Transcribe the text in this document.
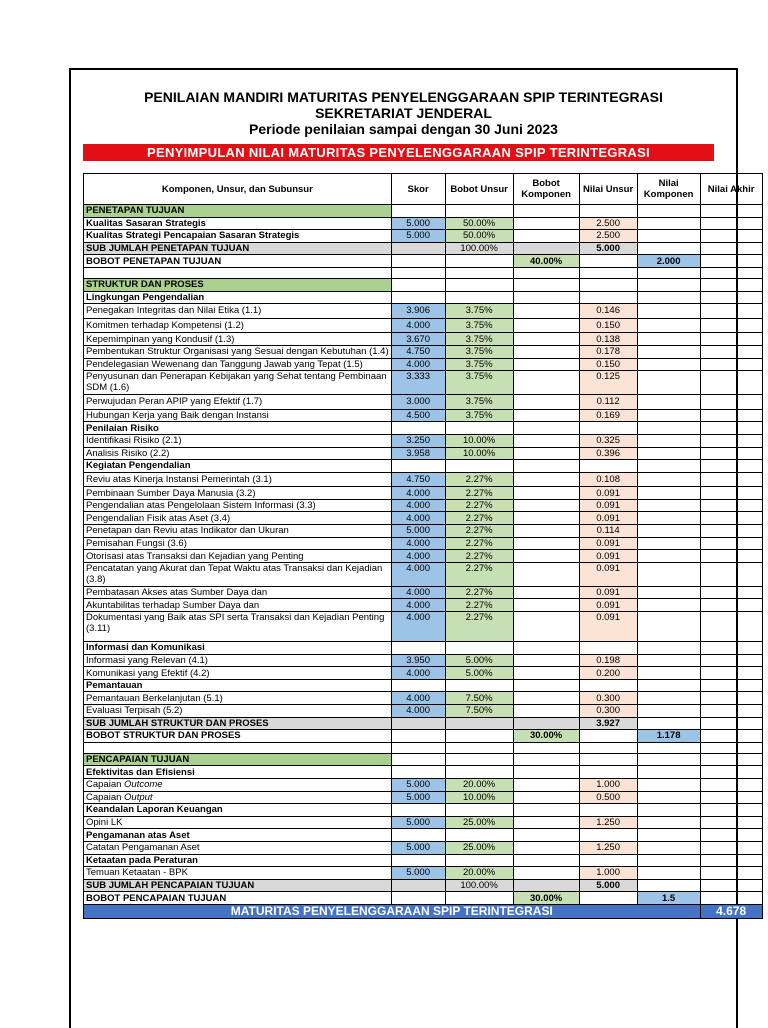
PENILAIAN MANDIRI MATURITAS PENYELENGGARAAN SPIP TERINTEGRASI
SEKRETARIAT JENDERAL
Periode penilaian sampai dengan 30 Juni 2023
PENYIMPULAN NILAI MATURITAS PENYELENGGARAAN SPIP TERINTEGRASI
Komponen, Unsur, dan Subunsur	Skor	Bobot Unsur	Bobot Komponen	Nilai Unsur	Nilai Komponen	Nilai Akhir
PENETAPAN TUJUAN						
Kualitas Sasaran Strategis	5.000	50.00%		2.500		
Kualitas Strategi Pencapaian Sasaran Strategis	5.000	50.00%		2.500		
SUB JUMLAH PENETAPAN TUJUAN		100.00%		5.000		
BOBOT PENETAPAN TUJUAN			40.00%		2.000	

STRUKTUR DAN PROSES						
Lingkungan Pengendalian						
Penegakan Integritas dan Nilai Etika (1.1)	3.906	3.75%		0.146		
Komitmen terhadap Kompetensi (1.2)	4.000	3.75%		0.150		
Kepemimpinan yang Kondusif (1.3)	3.670	3.75%		0.138		
Pembentukan Struktur Organisasi yang Sesuai dengan Kebutuhan (1.4)	4.750	3.75%		0.178		
Pendelegasian Wewenang dan Tanggung Jawab yang Tepat (1.5)	4.000	3.75%		0.150		
Penyusunan dan Penerapan Kebijakan yang Sehat tentang Pembinaan SDM (1.6)	3.333	3.75%		0.125		
Perwujudan Peran APIP yang Efektif (1.7)	3.000	3.75%		0.112		
Hubungan Kerja yang Baik dengan Instansi	4.500	3.75%		0.169		
Penilaian Risiko						
Identifikasi Risiko (2.1)	3.250	10.00%		0.325		
Analisis Risiko (2.2)	3.958	10.00%		0.396		
Kegiatan Pengendalian						
Reviu atas Kinerja Instansi Pemerintah (3.1)	4.750	2.27%		0.108		
Pembinaan Sumber Daya Manusia (3.2)	4.000	2.27%		0.091		
Pengendalian atas Pengelolaan Sistem Informasi (3.3)	4.000	2.27%		0.091		
Pengendalian Fisik atas Aset (3.4)	4.000	2.27%		0.091		
Penetapan dan Reviu atas Indikator dan Ukuran	5.000	2.27%		0.114		
Pemisahan Fungsi (3.6)	4.000	2.27%		0.091		
Otorisasi atas Transaksi dan Kejadian yang Penting	4.000	2.27%		0.091		
Pencatatan yang Akurat dan Tepat Waktu atas Transaksi dan Kejadian (3.8)	4.000	2.27%		0.091		
Pembatasan Akses atas Sumber Daya dan	4.000	2.27%		0.091		
Akuntabilitas terhadap Sumber Daya dan	4.000	2.27%		0.091		
Dokumentasi yang Baik atas SPI serta Transaksi dan Kejadian Penting (3.11)	4.000	2.27%		0.091		
Informasi dan Komunikasi						
Informasi yang Relevan (4.1)	3.950	5.00%		0.198		
Komunikasi yang Efektif (4.2)	4.000	5.00%		0.200		
Pemantauan						
Pemantauan Berkelanjutan (5.1)	4.000	7.50%		0.300		
Evaluasi Terpisah (5.2)	4.000	7.50%		0.300		
SUB JUMLAH STRUKTUR DAN PROSES				3.927		
BOBOT STRUKTUR DAN PROSES			30.00%		1.178	

PENCAPAIAN TUJUAN						
Efektivitas dan Efisiensi						
Capaian Outcome	5.000	20.00%		1.000		
Capaian Output	5.000	10.00%		0.500		
Keandalan Laporan Keuangan						
Opini LK	5.000	25.00%		1.250		
Pengamanan atas Aset						
Catatan Pengamanan Aset	5.000	25.00%		1.250		
Ketaatan pada Peraturan						
Temuan Ketaatan - BPK	5.000	20.00%		1.000		
SUB JUMLAH PENCAPAIAN TUJUAN		100.00%		5.000		
BOBOT PENCAPAIAN TUJUAN			30.00%		1.5	
MATURITAS PENYELENGGARAAN SPIP TERINTEGRASI						4.678
